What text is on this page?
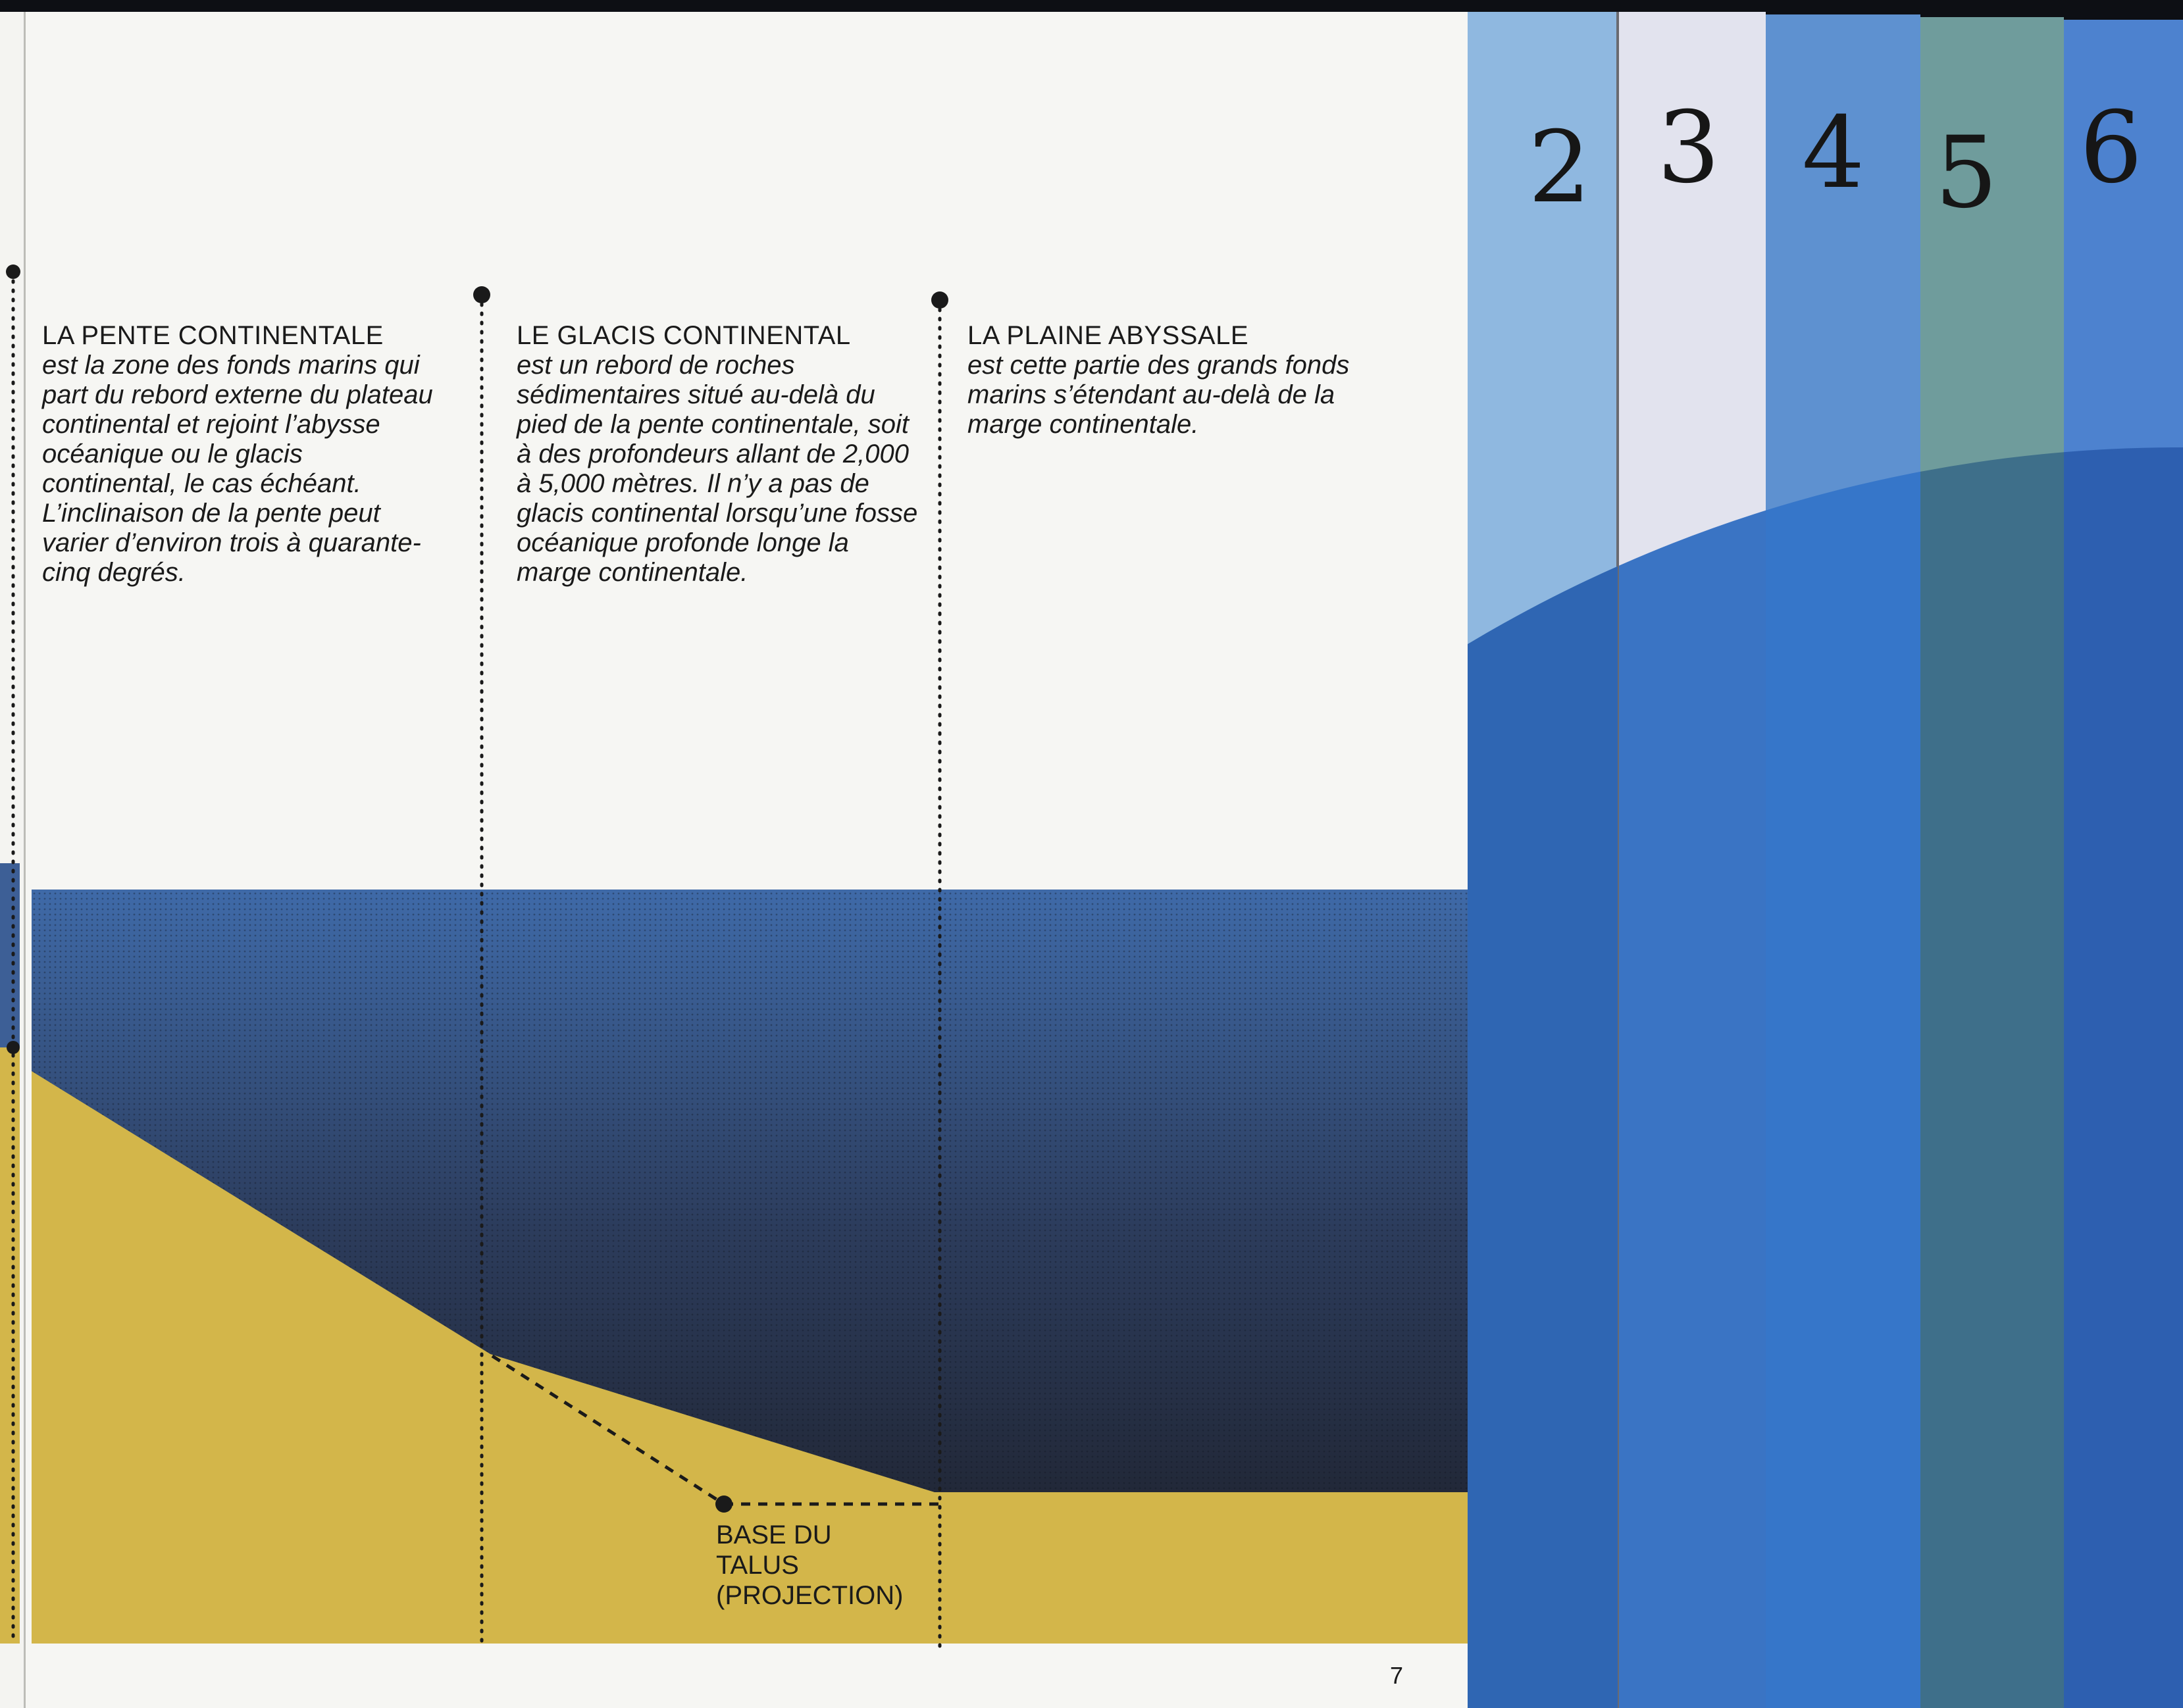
LA PENTE CONTINENTALE
est la zone des fonds marins qui part du rebord externe du plateau continental et rejoint l’abysse océanique ou le glacis continental, le cas échéant. L’inclinaison de la pente peut varier d’environ trois à quarante-cinq degrés.
LE GLACIS CONTINENTAL
est un rebord de roches sédimentaires situé au-delà du pied de la pente continentale, soit à des profondeurs allant de 2,000 à 5,000 mètres. Il n’y a pas de glacis continental lorsqu’une fosse océanique profonde longe la marge continentale.
LA PLAINE ABYSSALE
est cette partie des grands fonds marins s’étendant au-delà de la marge continentale.
BASE DU
TALUS
(PROJECTION)
7
2 3 4 5 6
